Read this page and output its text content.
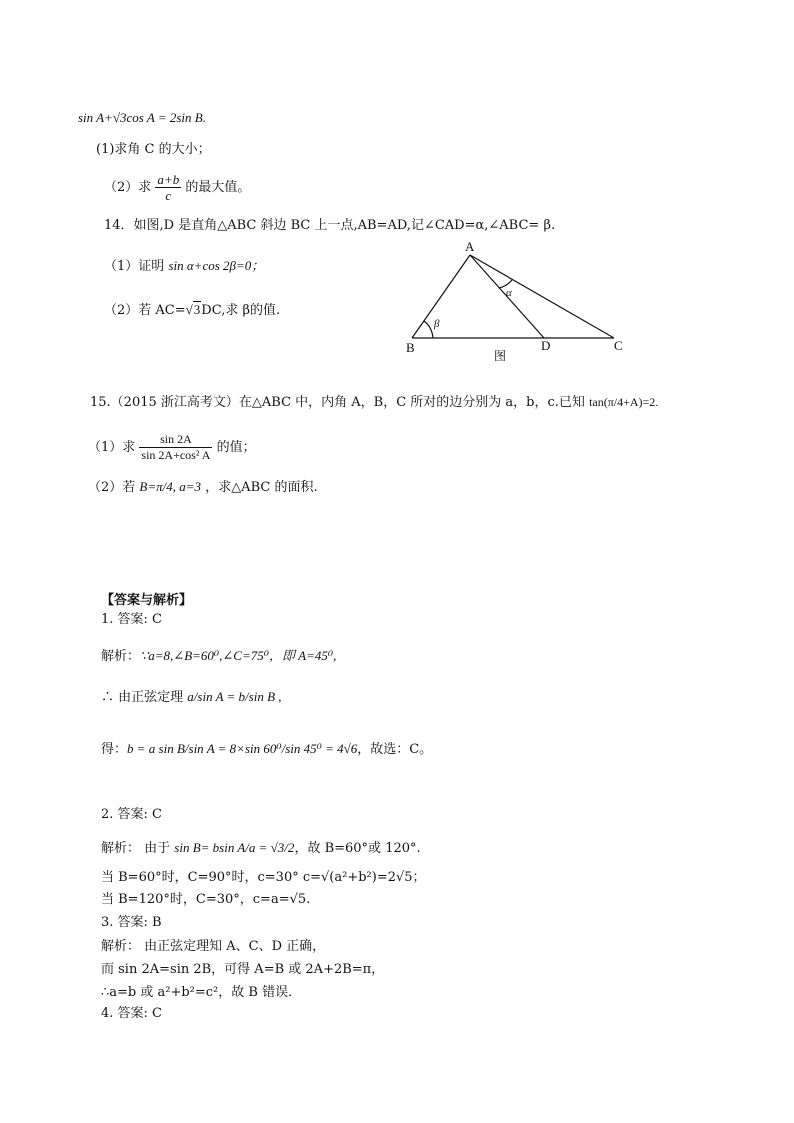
sin A+√3cos A = 2sin B.
(1)求角 C 的大小；
（2）求 $\frac{a+b}{c}$ 的最大值。
14．如图,D 是直角△ABC 斜边 BC 上一点,AB=AD,记∠CAD=α,∠ABC= β.
（1）证明 sin α+cos 2β=0；
（2）若 AC=√3DC,求 β的值.
A
B	C
D
α
β
图
15.（2015 浙江高考文）在△ABC 中，内角 A，B，C 所对的边分别为 a，b，c.已知 tan(π/4+A)=2.
（1）求 $\frac{\sin 2A}{\text{sin 2A+cos² A}}$ 的值；
（2）若 B=π/4, a=3 ，求△ABC 的面积.
【答案与解析】
1. 答案: C
解析：∵a=8,∠B=60⁰,∠C=75⁰，即 A=45⁰,
∴ 由正弦定理 a/sin A = b/sin B ,
得：b = a sin B/sin A = 8×sin 60⁰/sin 45⁰ = 4√6，故选：C。
2. 答案: C
解析： 由于 sin B= bsin A/a = √3/2，故 B=60°或 120°.
当 B=60°时，C=90°时，c=30° c=√(a²+b²)=2√5；
当 B=120°时，C=30°，c=a=√5.
3. 答案: B
解析： 由正弦定理知 A、C、D 正确，
而 sin 2A=sin 2B，可得 A=B 或 2A+2B=π，
∴a=b 或 a²+b²=c²，故 B 错误．
4. 答案: C
